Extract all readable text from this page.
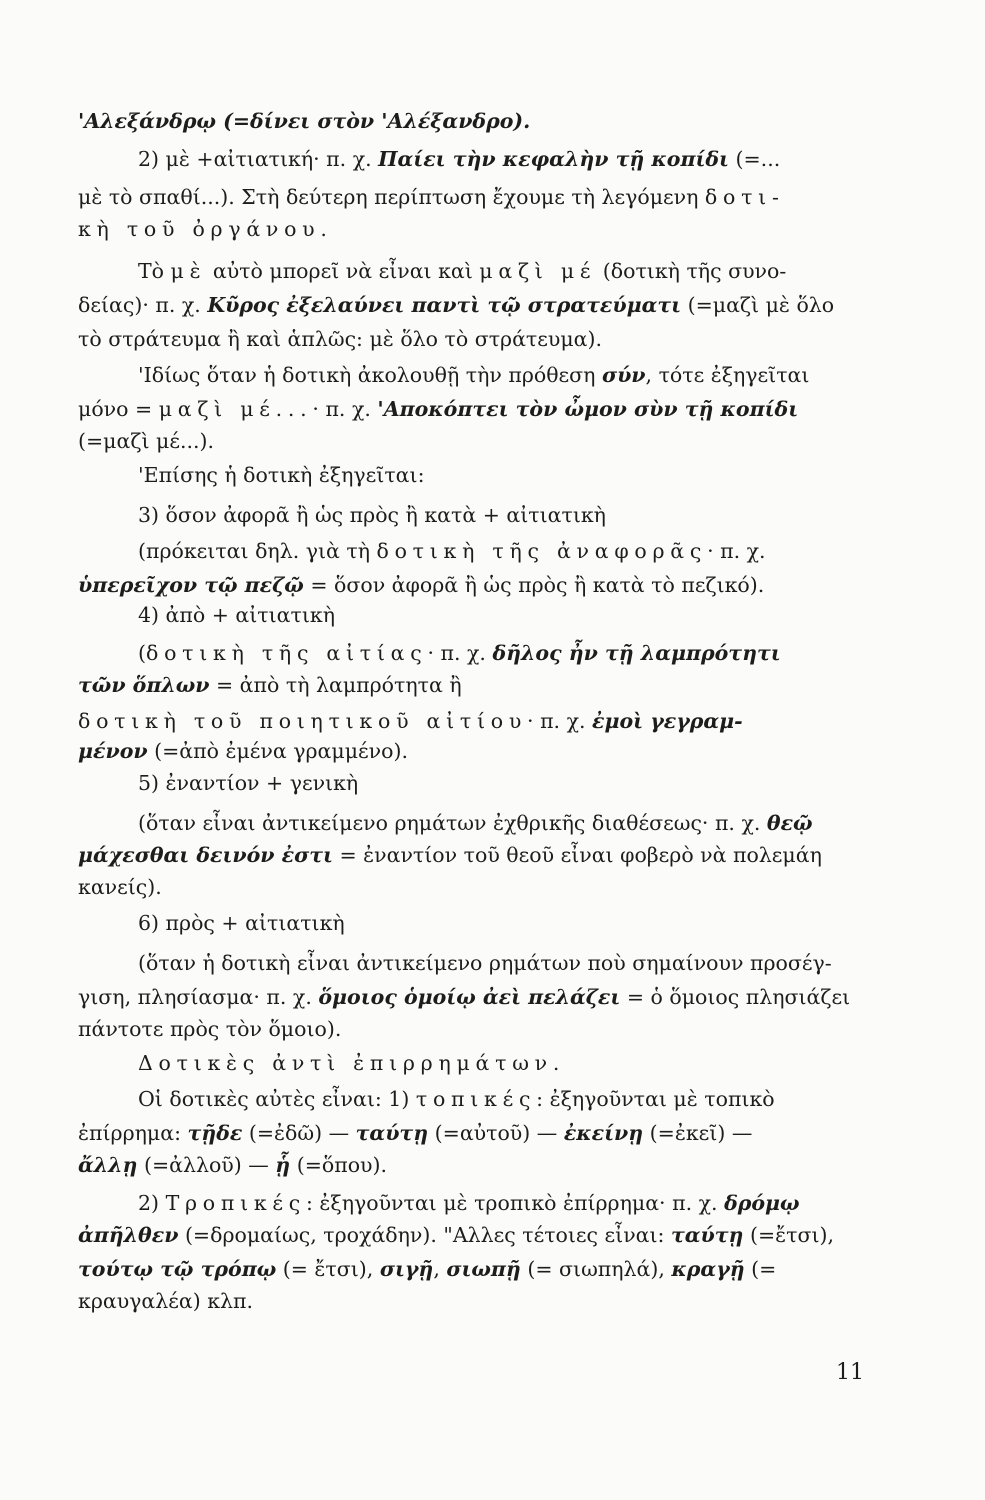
'Αλεξάνδρῳ (=δίνει στὸν 'Αλέξανδρο).
2) μὲ +αἰτιατική· π. χ. Παίει τὴν κεφαλὴν τῇ κοπίδι (=...
μὲ τὸ σπαθί...). Στὴ δεύτερη περίπτωση ἔχουμε τὴ λεγόμενη δοτι-
κὴ τοῦ ὀργάνου.
Τὸ μὲ αὐτὸ μπορεῖ νὰ εἶναι καὶ μαζὶ μέ (δοτικὴ τῆς συνο-
δείας)· π. χ. Κῦρος ἐξελαύνει παντὶ τῷ στρατεύματι (=μαζὶ μὲ ὅλο
τὸ στράτευμα ἢ καὶ ἁπλῶς: μὲ ὅλο τὸ στράτευμα).
'Ιδίως ὅταν ἡ δοτικὴ ἀκολουθῇ τὴν πρόθεση σύν, τότε ἐξηγεῖται
μόνο = μαζὶ μέ...· π. χ. 'Αποκόπτει τὸν ὦμον σὺν τῇ κοπίδι
(=μαζὶ μέ...).
'Επίσης ἡ δοτικὴ ἐξηγεῖται:
3) ὅσον ἀφορᾶ ἢ ὡς πρὸς ἢ κατὰ + αἰτιατικὴ
(πρόκειται δηλ. γιὰ τὴ δοτικὴ τῆς ἀναφορᾶς· π. χ.
ὑπερεῖχον τῷ πεζῷ = ὅσον ἀφορᾶ ἢ ὡς πρὸς ἢ κατὰ τὸ πεζικό).
4) ἀπὸ + αἰτιατικὴ
(δοτικὴ τῆς αἰτίας· π. χ. δῆλος ἦν τῇ λαμπρότητι
τῶν ὅπλων = ἀπὸ τὴ λαμπρότητα ἢ
δοτικὴ τοῦ ποιητικοῦ αἰτίου· π. χ. ἐμοὶ γεγραμ-
μένον (=ἀπὸ ἐμένα γραμμένο).
5) ἐναντίον + γενικὴ
(ὅταν εἶναι ἀντικείμενο ρημάτων ἐχθρικῆς διαθέσεως· π. χ. θεῷ
μάχεσθαι δεινόν ἐστι = ἐναντίον τοῦ θεοῦ εἶναι φοβερὸ νὰ πολεμάη
κανείς).
6) πρὸς + αἰτιατικὴ
(ὅταν ἡ δοτικὴ εἶναι ἀντικείμενο ρημάτων ποὺ σημαίνουν προσέγ-
γιση, πλησίασμα· π. χ. ὅμοιος ὁμοίῳ ἀεὶ πελάζει = ὁ ὅμοιος πλησιάζει
πάντοτε πρὸς τὸν ὅμοιο).
Δοτικὲς ἀντὶ ἐπιρρημάτων.
Οἱ δοτικὲς αὐτὲς εἶναι: 1) τοπικές: ἐξηγοῦνται μὲ τοπικὸ
ἐπίρρημα: τῇδε (=ἐδῶ) — ταύτῃ (=αὐτοῦ) — ἐκείνῃ (=ἐκεῖ) —
ἄλλῃ (=ἀλλοῦ) — ᾗ (=ὅπου).
2) Τροπικές: ἐξηγοῦνται μὲ τροπικὸ ἐπίρρημα· π. χ. δρόμῳ
ἀπῆλθεν (=δρομαίως, τροχάδην). "Αλλες τέτοιες εἶναι: ταύτῃ (=ἔτσι),
τούτῳ τῷ τρόπῳ (= ἔτσι), σιγῇ, σιωπῇ (= σιωπηλά), κραγῇ (=
κραυγαλέα) κλπ.
11
